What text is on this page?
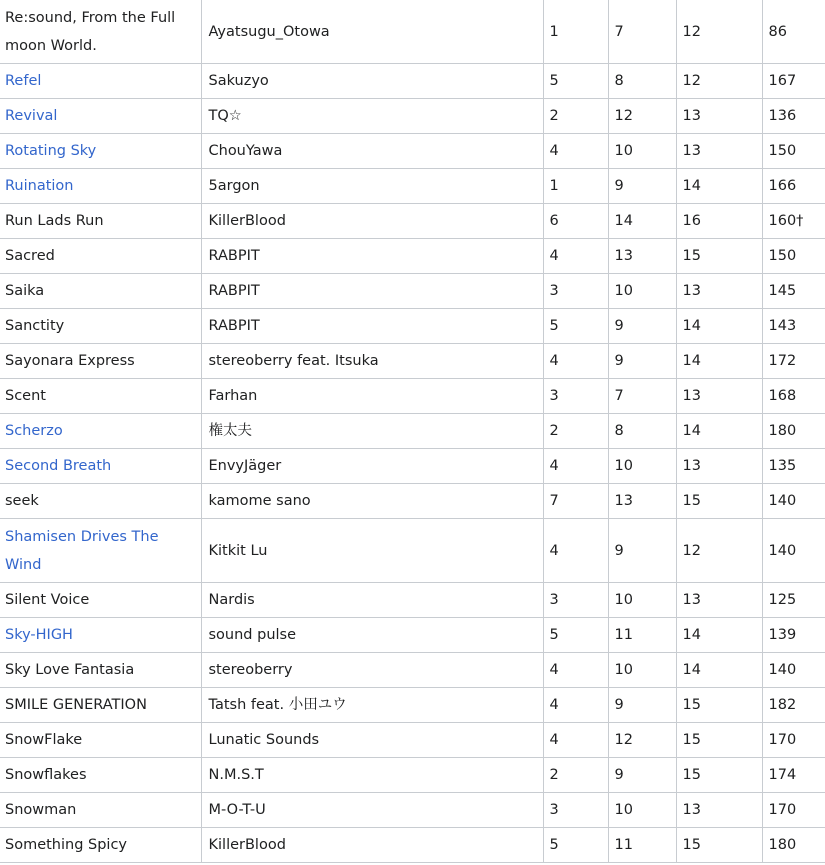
Re:sound, From the Full moon World.	Ayatsugu_Otowa	1	7	12	86
Refel	Sakuzyo	5	8	12	167
Revival	TQ☆	2	12	13	136
Rotating Sky	ChouYawa	4	10	13	150
Ruination	5argon	1	9	14	166
Run Lads Run	KillerBlood	6	14	16	160†
Sacred	RABPIT	4	13	15	150
Saika	RABPIT	3	10	13	145
Sanctity	RABPIT	5	9	14	143
Sayonara Express	stereoberry feat. Itsuka	4	9	14	172
Scent	Farhan	3	7	13	168
Scherzo	権太夫	2	8	14	180
Second Breath	EnvyJäger	4	10	13	135
seek	kamome sano	7	13	15	140
Shamisen Drives The Wind	Kitkit Lu	4	9	12	140
Silent Voice	Nardis	3	10	13	125
Sky-HIGH	sound pulse	5	11	14	139
Sky Love Fantasia	stereoberry	4	10	14	140
SMILE GENERATION	Tatsh feat. 小田ユウ	4	9	15	182
SnowFlake	Lunatic Sounds	4	12	15	170
Snowflakes	N.M.S.T	2	9	15	174
Snowman	M-O-T-U	3	10	13	170
Something Spicy	KillerBlood	5	11	15	180
